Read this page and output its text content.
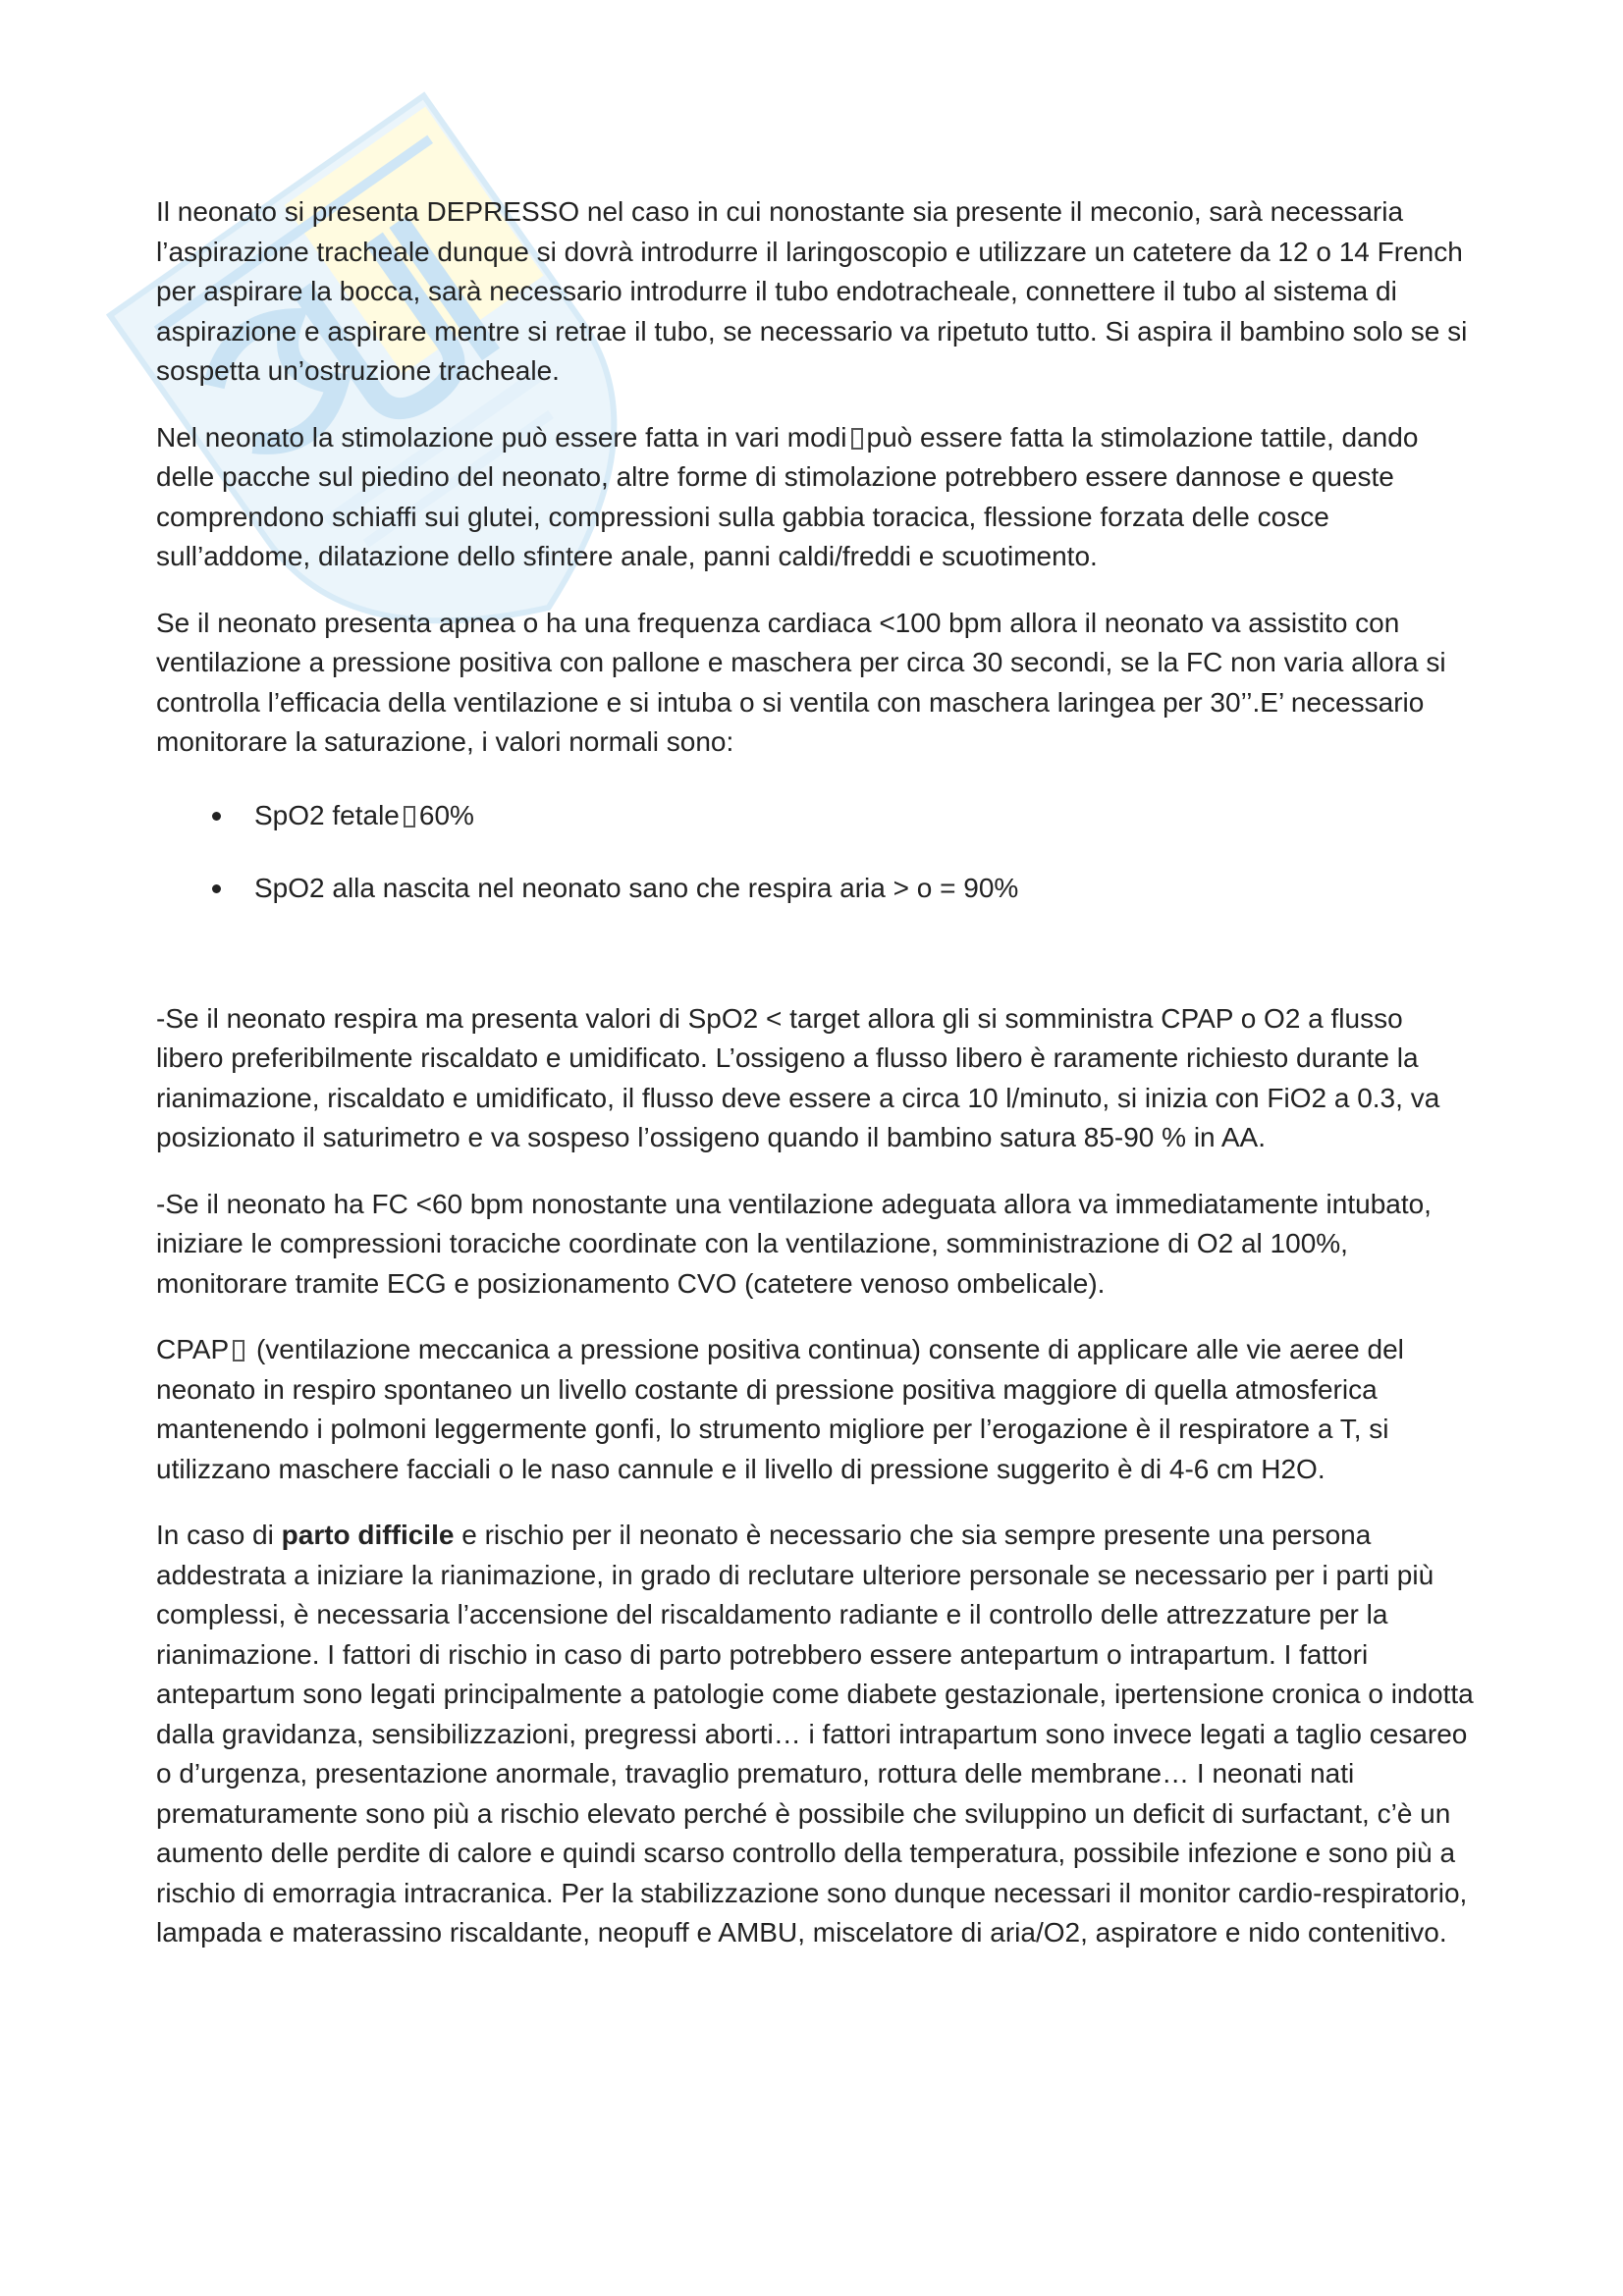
Il neonato si presenta DEPRESSO nel caso in cui nonostante sia presente il meconio, sarà necessaria l’aspirazione tracheale dunque si dovrà introdurre il laringoscopio e utilizzare un catetere da 12 o 14 French per aspirare la bocca, sarà necessario introdurre il tubo endotracheale, connettere il tubo al sistema di aspirazione e aspirare mentre si retrae il tubo, se necessario va ripetuto tutto. Si aspira il bambino solo se si sospetta un’ostruzione tracheale.

Nel neonato la stimolazione può essere fatta in vari modi può essere fatta la stimolazione tattile, dando delle pacche sul piedino del neonato, altre forme di stimolazione potrebbero essere dannose e queste comprendono schiaffi sui glutei, compressioni sulla gabbia toracica, flessione forzata delle cosce sull’addome, dilatazione dello sfintere anale, panni caldi/freddi e scuotimento.

Se il neonato presenta apnea o ha una frequenza cardiaca <100 bpm allora il neonato va assistito con ventilazione a pressione positiva con pallone e maschera per circa 30 secondi, se la FC non varia allora si controlla l’efficacia della ventilazione e si intuba o si ventila con maschera laringea per 30’’.E’ necessario monitorare la saturazione, i valori normali sono:

SpO2 fetale 60%
SpO2 alla nascita nel neonato sano che respira aria > o = 90%

-Se il neonato respira ma presenta valori di SpO2 < target allora gli si somministra CPAP o O2 a flusso libero preferibilmente riscaldato e umidificato. L’ossigeno a flusso libero è raramente richiesto durante la rianimazione, riscaldato e umidificato, il flusso deve essere a circa 10 l/minuto, si inizia con FiO2 a 0.3, va posizionato il saturimetro e va sospeso l’ossigeno quando il bambino satura 85-90 % in AA.

-Se il neonato ha FC <60 bpm nonostante una ventilazione adeguata allora va immediatamente intubato, iniziare le compressioni toraciche coordinate con la ventilazione, somministrazione di O2 al 100%, monitorare tramite ECG e posizionamento CVO (catetere venoso ombelicale).

CPAP (ventilazione meccanica a pressione positiva continua) consente di applicare alle vie aeree del neonato in respiro spontaneo un livello costante di pressione positiva maggiore di quella atmosferica mantenendo i polmoni leggermente gonfi, lo strumento migliore per l’erogazione è il respiratore a T, si utilizzano maschere facciali o le naso cannule e il livello di pressione suggerito è di 4-6 cm H2O.

In caso di parto difficile e rischio per il neonato è necessario che sia sempre presente una persona addestrata a iniziare la rianimazione, in grado di reclutare ulteriore personale se necessario per i parti più complessi, è necessaria l’accensione del riscaldamento radiante e il controllo delle attrezzature per la rianimazione. I fattori di rischio in caso di parto potrebbero essere antepartum o intrapartum. I fattori antepartum sono legati principalmente a patologie come diabete gestazionale, ipertensione cronica o indotta dalla gravidanza, sensibilizzazioni, pregressi aborti… i fattori intrapartum sono invece legati a taglio cesareo o d’urgenza, presentazione anormale, travaglio prematuro, rottura delle membrane… I neonati nati prematuramente sono più a rischio elevato perché è possibile che sviluppino un deficit di surfactant, c’è un aumento delle perdite di calore e quindi scarso controllo della temperatura, possibile infezione e sono più a rischio di emorragia intracranica. Per la stabilizzazione sono dunque necessari il monitor cardio-respiratorio, lampada e materassino riscaldante, neopuff e AMBU, miscelatore di aria/O2, aspiratore e nido contenitivo.
